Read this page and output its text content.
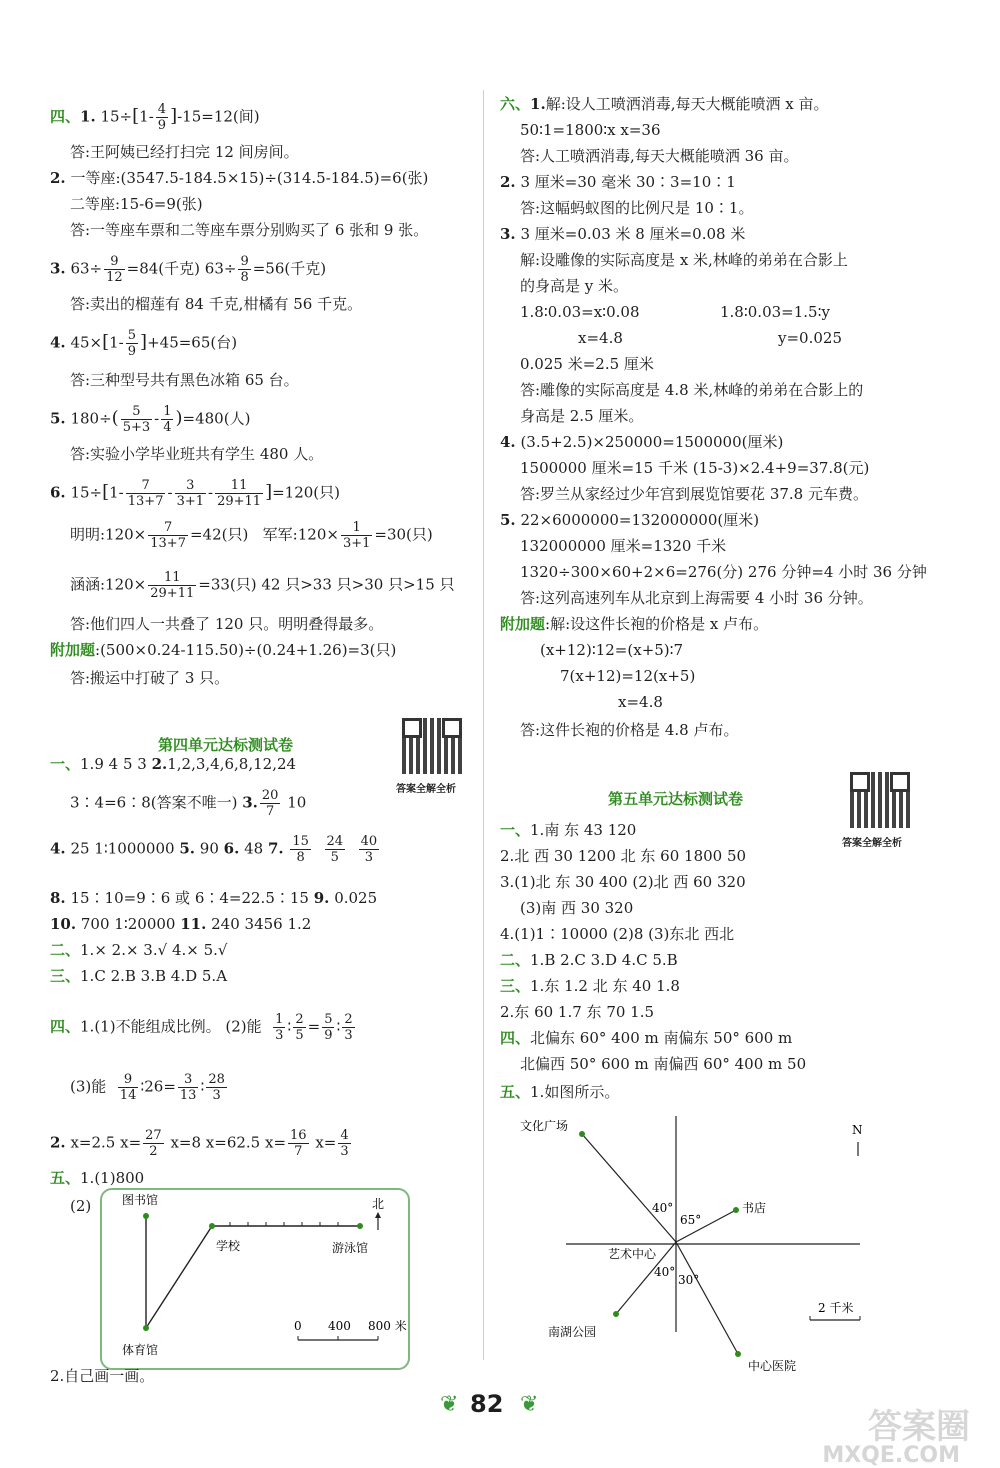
四、1. $15\div[1- \frac{4}{9} ]-15=12$(间)
答:王阿姨已经打扫完 12 间房间。
2. 一等座:(3547.5-184.5×15)÷(314.5-184.5)=6(张)
二等座:15-6=9(张)
答:一等座车票和二等座车票分别购买了 6 张和 9 张。
3. $63\div \frac{9}{12} =84$(千克) $63\div \frac{9}{8} =56$(千克)
答:卖出的榴莲有 84 千克,柑橘有 56 千克。
4. $45\times[1- \frac{5}{9} ]+45=65$(台)
答:三种型号共有黑色冰箱 65 台。
5. $180\div( \frac{5}{5+3} - \frac{1}{4} )=480$(人)
答:实验小学毕业班共有学生 480 人。
6. $15\div[1- \frac{7}{13+7} - \frac{3}{3+1} - \frac{11}{29+11} ]=120$(只)
明明:120× $\frac{7}{13+7} =42$(只) 军军:120× $\frac{1}{3+1} =30$(只)
涵涵:120× $\frac{11}{29+11} =33$(只) 42 只>33 只>30 只>15 只
答:他们四人一共叠了 120 只。明明叠得最多。
附加题:(500×0.24-115.50)÷(0.24+1.26)=3(只)
答:搬运中打破了 3 只。
第四单元达标测试卷
答案全解全析
一、1.9 4 5 3 2.1,2,3,4,6,8,12,24
3∶4=6∶8(答案不唯一) 3. $\frac{20}{7} 10$
4. 25 1∶1000000 5. 90 6. 48 7. $\frac{15}{8}$
$\frac{24}{5}$
$\frac{40}{3}$
8. 15∶10=9∶6 或 6∶4=22.5∶15 9. 0.025
10. 700 1∶20000 11. 240 3456 1.2
二、1.× 2.× 3.√ 4.× 5.√
三、1.C 2.B 3.B 4.D 5.A
四、1.(1)不能组成比例。 (2)能 $\frac{1}{3}$ ∶ $\frac{2}{5} = \frac{5}{9}$ ∶ $\frac{2}{3}$
(3)能 $\frac{9}{14}$ ∶26= $\frac{3}{13}$ ∶ $\frac{28}{3}$
2. x=2.5 $x= \frac{27}{2} x=8$ x=62.5 $x= \frac{16}{7} x= \frac{4}{3}$
五、1.(1)800
(2)	图书馆
学校	游泳馆
体育馆
北
0 400 800 米
2.自己画一画。
六、1.解:设人工喷洒消毒,每天大概能喷洒 x 亩。
50∶1=1800∶x x=36
答:人工喷洒消毒,每天大概能喷洒 36 亩。
2. 3 厘米=30 毫米 30∶3=10∶1
答:这幅蚂蚁图的比例尺是 10∶1。
3. 3 厘米=0.03 米 8 厘米=0.08 米
解:设雕像的实际高度是 x 米,林峰的弟弟在合影上
的身高是 y 米。
1.8∶0.03=x∶0.08	1.8∶0.03=1.5∶y
x=4.8	y=0.025
0.025 米=2.5 厘米
答:雕像的实际高度是 4.8 米,林峰的弟弟在合影上的
身高是 2.5 厘米。
4. (3.5+2.5)×250000=1500000(厘米)
1500000 厘米=15 千米 (15-3)×2.4+9=37.8(元)
答:罗兰从家经过少年宫到展览馆要花 37.8 元车费。
5. 22×6000000=132000000(厘米)
132000000 厘米=1320 千米
1320÷300×60+2×6=276(分) 276 分钟=4 小时 36 分钟
答:这列高速列车从北京到上海需要 4 小时 36 分钟。
附加题:解:设这件长袍的价格是 x 卢布。
(x+12)∶12=(x+5)∶7
7(x+12)=12(x+5)
x=4.8
答:这件长袍的价格是 4.8 卢布。
第五单元达标测试卷
答案全解全析
一、1.南 东 43 120
2.北 西 30 1200 北 东 60 1800 50
3.(1)北 东 30 400 (2)北 西 60 320
(3)南 西 30 320
4.(1)1∶10000 (2)8 (3)东北 西北
二、1.B 2.C 3.D 4.C 5.B
三、1.东 1.2 北 东 40 1.8
2.东 60 1.7 东 70 1.5
四、北偏东 60° 400 m 南偏东 50° 600 m
北偏西 50° 600 m 南偏西 60° 400 m 50
五、1.如图所示。
文化广场
书店
艺术中心
南湖公园
中心医院
40°
65°
40°
30°
N
2 千米
❦ 82 ❦
答案圈
MXQE.COM
